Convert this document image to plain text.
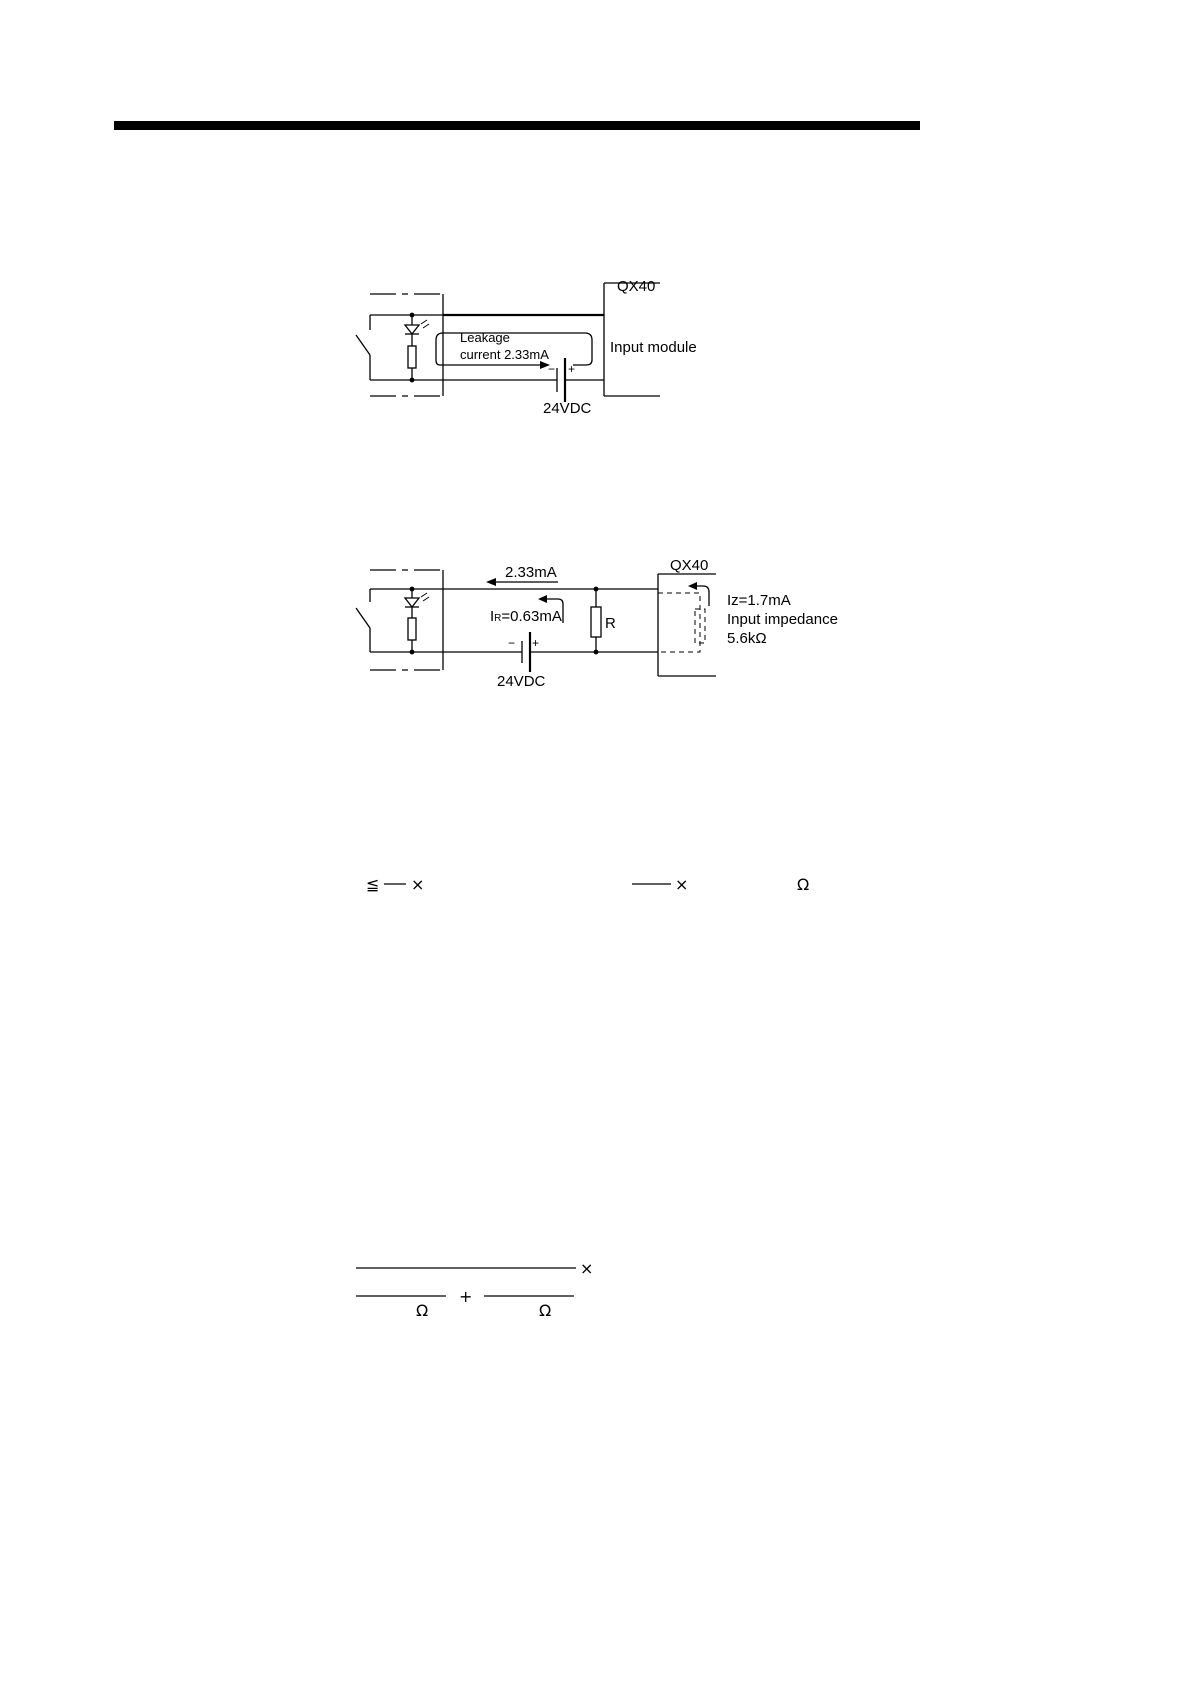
QX40
Input module
Leakage
current 2.33mA
− +
24VDC
QX40
2.33mA
IR=0.63mA	R
Iz=1.7mA
Input impedance
5.6kΩ
− +
24VDC
≦ ×	×	Ω
×
+
Ω	Ω
